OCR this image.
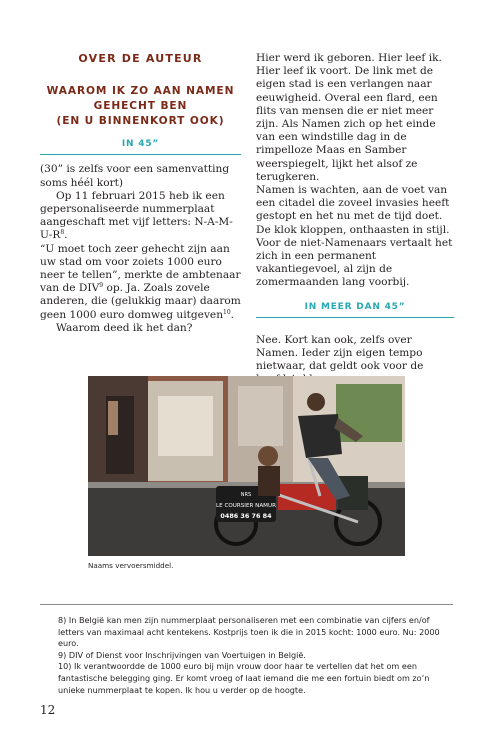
OVER DE AUTEUR
WAAROM IK ZO AAN NAMEN
GEHECHT BEN
(EN U BINNENKORT OOK)
IN 45”

(30” is zelfs voor een samenvatting soms héél kort)

Op 11 februari 2015 heb ik een gepersonaliseerde nummerplaat aangeschaft met vijf letters: $N-A-M-U-R^8$.

“U moet toch zeer gehecht zijn aan uw stad om voor zoiets 1000 euro neer te tellen”, merkte de ambtenaar van de DIV$^9$ op. Ja. Zoals zovele anderen, die (gelukkig maar) daarom geen 1000 euro domweg uitgeven$^{10}$.

Waarom deed ik het dan?

Hier werd ik geboren. Hier leef ik. Hier leef ik voort. De link met de eigen stad is een verlangen naar eeuwigheid. Overal een flard, een flits van mensen die er niet meer zijn. Als Namen zich op het einde van een windstille dag in de rimpelloze Maas en Samber weerspiegelt, lijkt het alsof ze terugkeren.

Namen is wachten, aan de voet van een citadel die zoveel invasies heeft gestopt en het nu met de tijd doet. De klok kloppen, onthaasten in stijl. Voor de niet-Namenaars vertaalt het zich in een permanent vakantiegevoel, al zijn de zomermaanden lang voorbij.

IN MEER DAN 45”

Nee. Kort kan ook, zelfs over Namen. Ieder zijn eigen tempo nietwaar, dat geldt ook voor de

NRS
LE COURSIER NAMUR
0486 36 76 84
Naams vervoersmiddel.
8) In België kan men zijn nummerplaat personaliseren met een combinatie van cijfers en/of letters van maximaal acht kentekens. Kostprijs toen ik die in 2015 kocht: 1000 euro. Nu: 2000 euro.
9) DIV of Dienst voor Inschrijvingen van Voertuigen in België.
10) Ik verantwoordde de 1000 euro bij mijn vrouw door haar te vertellen dat het om een fantastische belegging ging. Er komt vroeg of laat iemand die me een fortuin biedt om zo’n unieke nummerplaat te kopen. Ik hou u verder op de hoogte.
12
